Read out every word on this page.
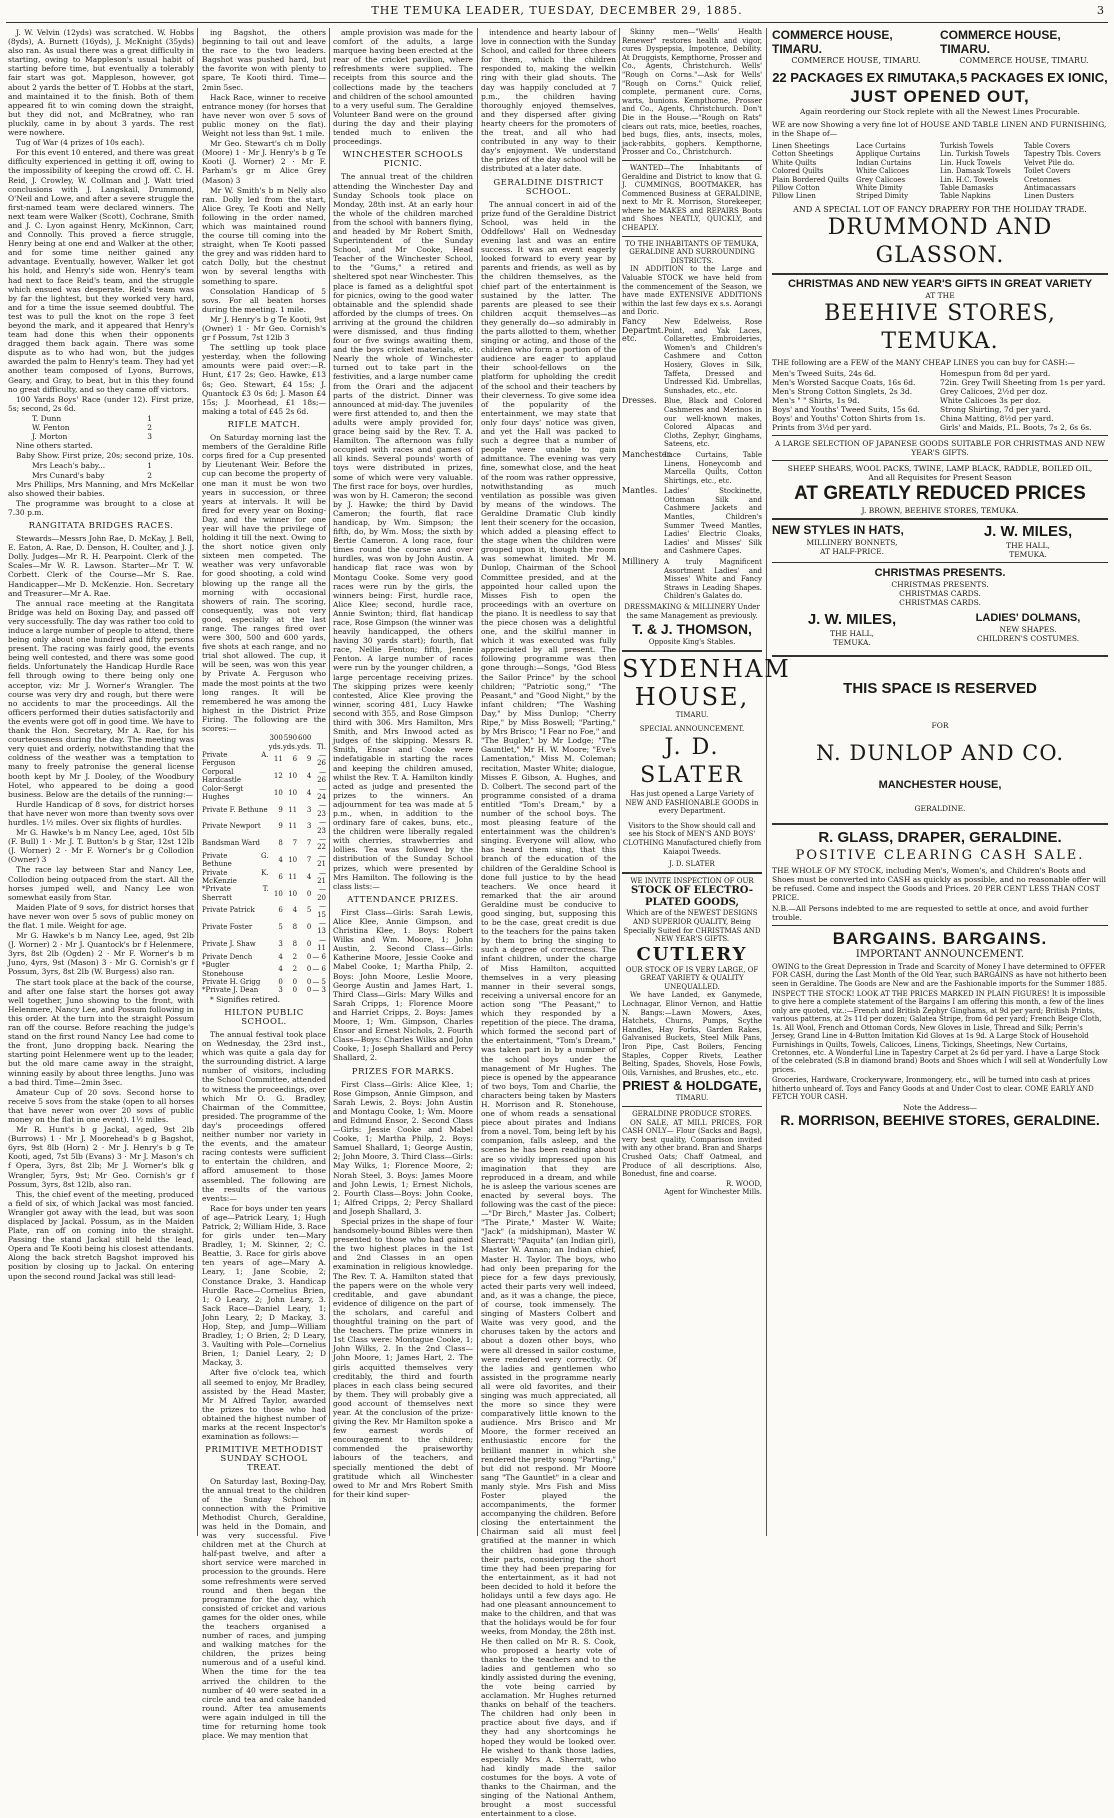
THE TEMUKA LEADER, TUESDAY, DECEMBER 29, 1885.	3

J. W. Velvin (12yds) was scratched. W. Hobbs (8yds), A. Burnett (16yds), J. McKnight (35yds) also ran. As usual there was a great difficulty in starting, owing to Mappleson's usual habit of starting before time, but eventually a tolerably fair start was got. Mappleson, however, got about 2 yards the better of T. Hobbs at the start, and maintained it to the finish. Both of them appeared fit to win coming down the straight, but they did not, and McBratney, who ran pluckily, came in by about 3 yards. The rest were nowhere.

Tug of War (4 prizes of 10s each).

For this event 10 entered, and there was great difficulty experienced in getting it off, owing to the impossibility of keeping the crowd off. C. H. Reid, J. Crowley, W. Collman and J. Watt tried conclusions with J. Langskail, Drummond, O'Neil and Lowe, and after a severe struggle the first-named team were declared winners. The next team were Walker (Scott), Cochrane, Smith and J. C. Lyon against Henry, McKinnon, Carr, and Connolly. This proved a fierce struggle, Henry being at one end and Walker at the other, and for some time neither gained any advantage. Eventually, however, Walker let got his hold, and Henry's side won. Henry's team had next to face Reid's team, and the struggle which ensued was desperate. Reid's team was by far the lightest, but they worked very hard, and for a time the issue seemed doubtful. The test was to pull the knot on the rope 3 feet beyond the mark, and it appeared that Henry's team had done this when their opponents dragged them back again. There was some dispute as to who had won, but the judges awarded the palm to Henry's team. They had yet another team composed of Lyons, Burrows, Geary, and Gray, to beat, but in this they found no great difficulty, and so they came off victors.

100 Yards Boys' Race (under 12). First prize, 5s; second, 2s 6d.

T. Dunn	1
W. Fenton	2
J. Morton	3

Nine others started.

Baby Show. First prize, 20s; second prize, 10s.

Mrs Leach's baby...	1
Mrs Cunard's baby	2

Mrs Phillips, Mrs Manning, and Mrs McKellar also showed their babies.

The programme was brought to a close at 7.30 p.m.

RANGITATA BRIDGES RACES.

Stewards—Messrs John Rae, D. McKay, J. Bell, E. Eaton, A. Rae, D. Denson, H. Coulter, and J. J. Dolly. Judges—Mr R. H. Pearpoint. Clerk of the Scales—Mr W. R. Lawson. Starter—Mr T. W. Corbett. Clerk of the Course—Mr S. Rae. Handicapper—Mr D. McKenzie. Hon. Secretary and Treasurer—Mr A. Rae.

The annual race meeting at the Rangitata Bridge was held on Boxing Day, and passed off very successfully. The day was rather too cold to induce a large number of people to attend, there being only about one hundred and fifty persons present. The racing was fairly good, the events being well contested, and there was some good fields. Unfortunately the Handicap Hurdle Race fell through owing to there being only one acceptor, viz: Mr J. Worner's Wrangler. The course was very dry and rough, but there were no accidents to mar the proceedings. All the officers performed their duties satisfactorily and the events were got off in good time. We have to thank the Hon. Secretary, Mr A. Rae, for his courteousness during the day. The meeting was very quiet and orderly, notwithstanding that the coldness of the weather was a temptation to many to freely patronise the general license booth kept by Mr J. Dooley, of the Woodbury Hotel, who appeared to be doing a good business. Below are the details of the running:—

Hurdle Handicap of 8 sovs, for district horses that have never won more than twenty sovs over hurdles. 1½ miles. Over six flights of hurdles.

Mr G. Hawke's b m Nancy Lee, aged, 10st 5lb (F. Bull) 1 · Mr J. T. Button's b g Star, 12st 12lb (J. Worner) 2 · Mr F. Worner's br g Collodion (Owner) 3

The race lay between Star and Nancy Lee, Collodion being outpaced from the start. All the horses jumped well, and Nancy Lee won somewhat easily from Star.

Maiden Plate of 9 sovs, for district horses that have never won over 5 sovs of public money on the flat. 1 mile. Weight for age.

Mr G. Hawke's b m Nancy Lee, aged, 9st 2lb (J. Worner) 2 · Mr J. Quantock's br f Helenmere, 3yrs, 8st 2lb (Ogden) 2 · Mr F. Worner's b m Juno, 4yrs, 9st (Mason) 3 · Mr G. Cornish's gr f Possum, 3yrs, 8st 2lb (W. Burgess) also ran.

The start took place at the back of the course, and after one false start the horses got away well together, Juno showing to the front, with Helenmere, Nancy Lee, and Possum following in this order. At the turn into the straight Possum ran off the course. Before reaching the judge's stand on the first round Nancy Lee had come to the front, Juno dropping back. Nearing the starting point Helenmere went up to the leader, but the old mare came away in the straight, winning easily by about three lengths. Juno was a bad third. Time—2min 3sec.

Amateur Cup of 20 sovs. Second horse to receive 5 sovs from the stake (open to all horses that have never won over 20 sovs of public money on the flat in one event). 1½ miles.

Mr R. Hunt's b g Jackal, aged, 9st 2lb (Burrows) 1 · Mr J. Moorehead's b g Bagshot, 6yrs, 9st 8lb (Horn) 2 · Mr J. Henry's b g Te Kooti, aged, 7st 5lb (Evans) 3 · Mr J. Mason's ch f Opera, 3yrs, 8st 2lb; Mr J. Worner's blk g Wrangler, 5yrs, 9st; Mr Geo. Cornish's gr f Possum, 3yrs, 8st 12lb, also ran.

This, the chief event of the meeting, produced a field of six, of which Jackal was most fancied. Wrangler got away with the lead, but was soon displaced by Jackal. Possum, as in the Maiden Plate, ran off on coming into the straight. Passing the stand Jackal still held the lead, Opera and Te Kooti being his closest attendants. Along the back stretch Bagshot improved his position by closing up to Jackal. On entering upon the second round Jackal was still lead-

ing Bagshot, the others beginning to tail out and leave the race to the two leaders. Bagshot was pushed hard, but the favorite won with plenty to spare, Te Kooti third. Time—2min 5sec.

Hack Race, winner to receive entrance money (for horses that have never won over 5 sovs of public money on the flat). Weight not less than 9st. 1 mile.

Mr Geo. Stewart's ch m Dolly (Moore) 1 · Mr J. Henry's b g Te Kooti (J. Worner) 2 · Mr F. Parham's gr m Alice Grey (Mason) 3

Mr W. Smith's b m Nelly also ran. Dolly led from the start, Alice Grey, Te Kooti and Nelly following in the order named, which was maintained round the course till coming into the straight, when Te Kooti passed the grey and was ridden hard to catch Dolly, but the chestnut won by several lengths with something to spare.

Consolation Handicap of 5 sovs. For all beaten horses during the meeting. 1 mile.

Mr J. Henry's b g Te Kooti, 9st (Owner) 1 · Mr Geo. Cornish's gr f Possum, 7st 12lb 3

The settling up took place yesterday, when the following amounts were paid over:—R. Hunt, £17 2s; Geo. Hawke, £13 6s; Geo. Stewart, £4 15s; J. Quantock £3 0s 6d; J. Mason £4 15s; J. Moorhead, £1 18s;—making a total of £45 2s 6d.

RIFLE MATCH.

On Saturday morning last the members of the Geraldine Rifle corps fired for a Cup presented by Lieutenant Weir. Before the cup can become the property of one man it must be won two years in succession, or three years at intervals. It will be fired for every year on Boxing-Day, and the winner for one year will have the privilege of holding it till the next. Owing to the short notice given only sixteen men competed. The weather was very unfavorable for good shooting, a cold wind blowing up the range all the morning with occasional showers of rain. The scoring, consequently, was not very good, especially at the last range. The ranges fired over were 300, 500 and 600 yards, five shots at each range, and no trial shot allowed. The cup, it will be seen, was won this year by Private A. Ferguson who made the most points at the two long ranges. It will be remembered he was among the highest in the District Prize Firing. The following are the scores:—

	300	590	600	
	yds.	yds.	yds.	Tl.
Private A. Ferguson	11	6	9	—26
Corporal Hardcastle	12	10	4	—26
Color-Sergt Hughes	10	10	4	—24
Private F. Bethune	9	11	3	—23
Private Newport	9	11	3	—23
Bandsman Ward	8	7	7	—22
Private G. Bethune	4	10	7	—21
Private K. McKenzie	6	11	4	—21
*Private T. Sherratt	10	10	0	—20
Private Patrick	6	4	5	—15
Private Foster	5	8	0	—13
Private J. Shaw	3	8	0	—11
Private Dench	4	2	0	— 6
*Bugler Stonehouse	4	2	0	— 6
Private H. Grigg	0	0	0	— 5
*Private J. Dean	3	0	0	— 3

* Signifies retired.

HILTON PUBLIC SCHOOL.

The annual festival took place on Wednesday, the 23rd inst., which was quite a gala day for the surrounding district. A large number of visitors, including the School Committee, attended to witness the proceedings, over which Mr O. G. Bradley, Chairman of the Committee, presided. The programme of the day's proceedings offered neither number nor variety in the events, and the amateur racing contests were sufficient to entertain the children, and afford amusement to those assembled. The following are the results of the various events:—

Race for boys under ten years of age—Patrick Leary, 1; Hugh Patrick, 2; William Hide, 3. Race for girls under ten—Mary Bradley, 1; M. Skinner, 2; C. Beattie, 3. Race for girls above ten years of age—Mary A. Leary, 1; Jane Scobie, 2; Constance Drake, 3. Handicap Hurdle Race—Cornelius Brien, 1; O Leary, 2; John Leary, 3. Sack Race—Daniel Leary, 1; John Leary, 2; D Mackay, 3. Hop, Step, and Jump—William Bradley, 1; O Brien, 2; D Leary, 3. Vaulting with Pole—Cornelius Brien, 1; Daniel Leary, 2; D Mackay, 3.

After five o'clock tea, which all seemed to enjoy, Mr Bradley, assisted by the Head Master, Mr M Alfred Taylor, awarded the prizes to those who had obtained the highest number of marks at the recent Inspector's examination as follows:—

PRIMITIVE METHODIST SUNDAY SCHOOL TREAT.

On Saturday last, Boxing-Day, the annual treat to the children of the Sunday School in connection with the Primitive Methodist Church, Geraldine, was held in the Domain, and was very successful. Five children met at the Church at half-past twelve, and after a short service were marched in procession to the grounds. Here some refreshments were served round and then began the programme for the day, which consisted of cricket and various games for the older ones, while the teachers organised a number of races, and jumping and walking matches for the children, the prizes being numerous and of a useful kind. When the time for the tea arrived the children to the number of 40 were seated in a circle and tea and cake handed round. After tea amusements were again indulged in till the time for returning home took place. We may mention that

ample provision was made for the comfort of the adults, a large marquee having been erected at the rear of the cricket pavilion, where refreshments were supplied. The receipts from this source and the collections made by the teachers and children of the school amounted to a very useful sum. The Geraldine Volunteer Band were on the ground during the day and their playing tended much to enliven the proceedings.

WINCHESTER SCHOOLS PICNIC.

The annual treat of the children attending the Winchester Day and Sunday Schools took place on Monday, 28th inst. At an early hour the whole of the children marched from the school with banners flying, and headed by Mr Robert Smith, Superintendent of the Sunday School, and Mr Cooke, Head Teacher of the Winchester School, to the "Gums," a retired and sheltered spot near Winchester. This place is famed as a delightful spot for picnics, owing to the good water obtainable and the splendid shade afforded by the clumps of trees. On arriving at the ground the children were dismissed, and thus finding four or five swings awaiting them, and the boys cricket materials, etc. Nearly the whole of Winchester turned out to take part in the festivities, and a large number came from the Orari and the adjacent parts of the district. Dinner was announced at mid-day. The juveniles were first attended to, and then the adults were amply provided for, grace being said by the Rev. T. A. Hamilton. The afternoon was fully occupied with races and games of all kinds. Several pounds' worth of toys were distributed in prizes, some of which were very valuable. The first race for boys, over hurdles, was won by H. Cameron; the second by J. Hawke; the third by David Cameron; the fourth, flat race handicap, by Wm. Simpson; the fifth, do, by Wm. Moss; the sixth by Bertie Cameron. A long race, four times round the course and over hurdles, was won by John Austin. A handicap flat race was won by Montagu Cooke. Some very good races were run by the girls, the winners being: First, hurdle race, Alice Klee; second, hurdle race, Annie Swinton; third, flat handicap race, Rose Gimpson (the winner was heavily handicapped, the others having 30 yards start); fourth, flat race, Nellie Fenton; fifth, Jennie Fenton. A large number of races were run by the younger children, a large percentage receiving prizes. The skipping prizes were keenly contested, Alice Klee proving the winner, scoring 481, Lucy Hawke second with 355, and Rose Gimpson third with 306. Mrs Hamilton, Mrs Smith, and Mrs Inwood acted as judges of the skipping. Messrs R. Smith, Ensor and Cooke were indefatigable in starting the races and keeping the children amused, whilst the Rev. T. A. Hamilton kindly acted as judge and presented the prizes to the winners. An adjournment for tea was made at 5 p.m., when, in addition to the ordinary fare of cakes, buns, etc., the children were liberally regaled with cherries, strawberries and lollies. Tea was followed by the distribution of the Sunday School prizes, which were presented by Mrs Hamilton. The following is the class lists:—

ATTENDANCE PRIZES.

First Class—Girls: Sarah Lewis, Alice Klee, Annie Gimpson, and Christina Klee, 1. Boys: Robert Wilks and Wm. Moore, 1; John Austin, 2. Second Class—Girls: Katherine Moore, Jessie Cooke and Mabel Cooke, 1; Martha Philp, 2. Boys: John Moore, Leslie Moore, George Austin and James Hart, 1. Third Class—Girls: Mary Wilks and Sarah Cripps, 1; Florence Moore and Harriet Cripps, 2. Boys: James Moore, 1; Wm. Gimpson, Charles Ensor and Ernest Nichols, 2. Fourth Class—Boys: Charles Wilks and John Cooke, 1; Joseph Shallard and Percy Shallard, 2.

PRIZES FOR MARKS.

First Class—Girls: Alice Klee, 1; Rose Gimpson, Annie Gimpson, and Sarah Lewis, 2. Boys: John Austin and Montagu Cooke, 1; Wm. Moore and Edmund Ensor, 2. Second Class—Girls: Jessie Cooke and Mabel Cooke, 1; Martha Philp, 2. Boys: Samuel Shallard, 1; George Austin, 2; John Moore, 3. Third Class—Girls: May Wilks, 1; Florence Moore, 2; Norah Steel, 3. Boys: James Moore and John Lewis, 1; Ernest Nichols, 2. Fourth Class—Boys: John Cooke, 1; Alfred Cripps, 2; Percy Shallard and Joseph Shallard, 3.

Special prizes in the shape of four handsomely-bound Bibles were then presented to those who had gained the two highest places in the 1st and 2nd Classes in an open examination in religious knowledge. The Rev. T. A. Hamilton stated that the papers were on the whole very creditable, and gave abundant evidence of diligence on the part of the scholars, and careful and thoughtful training on the part of the teachers. The prize winners in 1st Class were: Montague Cooke, 1; John Wilks, 2. In the 2nd Class—John Moore, 1; James Hart, 2. The girls acquitted themselves very creditably, the third and fourth places in each class being secured by them. They will probably give a good account of themselves next year. At the conclusion of the prize-giving the Rev. Mr Hamilton spoke a few earnest words of encouragement to the children; commended the praiseworthy labours of the teachers, and specially mentioned the debt of gratitude which all Winchester owed to Mr and Mrs Robert Smith for their kind super-

intendence and hearty labour of love in connection with the Sunday School, and called for three cheers for them, which the children responded to, making the welkin ring with their glad shouts. The day was happily concluded at 7 p.m., the children having thoroughly enjoyed themselves, and they dispersed after giving hearty cheers for the promoters of the treat, and all who had contributed in any way to their day's enjoyment. We understand the prizes of the day school will be distributed at a later date.

GERALDINE DISTRICT SCHOOL.

The annual concert in aid of the prize fund of the Geraldine District School, was held in the Oddfellows' Hall on Wednesday evening last and was an entire success. It was an event eagerly looked forward to every year by parents and friends, as well as by the children themselves, as the chief part of the entertainment is sustained by the latter. The parents are pleased to see their children acquit themselves—as they generally do—so admirably in the parts allotted to them, whether singing or acting, and those of the children who form a portion of the audience are eager to applaud their school-fellows on the platform for upholding the credit of the school and their teachers by their cleverness. To give some idea of the popularity of the entertainment, we may state that only four days' notice was given, and yet the Hall was packed to such a degree that a number of people were unable to gain admittance. The evening was very fine, somewhat close, and the heat of the room was rather oppressive, notwithstanding as much ventilation as possible was given by means of the windows. The Geraldine Dramatic Club kindly lent their scenery for the occasion, which added a pleasing effect to the stage when the children were grouped upon it, though the room was somewhat limited. Mr M. Dunlop, Chairman of the School Committee presided, and at the appointed hour called upon the Misses Fish to open the proceedings with an overture on the piano. It is needless to say that the piece chosen was a delightful one, and the skilful manner in which it was executed was fully appreciated by all present. The following programme was then gone through:—Songs, "God Bless the Sailor Prince" by the school children; "Patriotic song," "The Peasant," and "Good Night," by the infant children; "The Washing Day," by Miss Dunlop; "Cherry Ripe," by Miss Boswell; "Parting," by Mrs Brisco; "I Fear no Foe," and "The Bugler," by Mr Lodge; "The Gauntlet," Mr H. W. Moore; "Eve's Lamentation," Miss M. Coleman; recitation, Master White; dialogue, Misses F. Gibson, A. Hughes, and D. Colbert. The second part of the programme consisted of a drama entitled "Tom's Dream," by a number of the school boys. The most pleasing feature of the entertainment was the children's singing. Everyone will allow, who has heard them sing, that this branch of the education of the children of the Geraldine School is done full justice to by the head teachers. We once heard it remarked that the air around Geraldine must be conducive to good singing, but, supposing this to be the case, great credit is due to the teachers for the pains taken by them to bring the singing to such a degree of correctness. The infant children, under the charge of Miss Hamilton, acquitted themselves in a very pleasing manner in their several songs, receiving a universal encore for an action song "The Peasant," to which they responded by a repetition of the piece. The drama, which formed the second part of the entertainment, "Tom's Dream," was taken part in by a number of the school boys under the management of Mr Hughes. The piece is opened by the appearance of two boys, Tom and Charlie, the characters being taken by Masters H. Morrison and R. Stonehouse, one of whom reads a sensational piece about pirates and Indians from a novel. Tom, being left by his companion, falls asleep, and the scenes he has been reading about are so vividly impressed upon his imagination that they are reproduced in a dream, and while he is asleep the various scenes are enacted by several boys. The following was the cast of the piece:—"Dr Birch," Master Jas. Colbert; "The Pirate," Master W. Waite; "Jack" (a midshipman), Master W. Sherratt; "Paquita" (an Indian girl), Master W. Annan; an Indian chief, Master H. Taylor. The boys, who had only been preparing for the piece for a few days previously, acted their parts very well indeed, and, as it was a change, the piece, of course, took immensely. The singing of Masters Colbert and Waite was very good, and the choruses taken by the actors and about a dozen other boys, who were all dressed in sailor costume, were rendered very correctly. Of the ladies and gentlemen who assisted in the programme nearly all were old favorites, and their singing was much appreciated, all the more so since they were comparatively little known to the audience. Mrs Brisco and Mr Moore, the former received an enthusiastic encore for the brilliant manner in which she rendered the pretty song "Parting," but did not respond. Mr Moore sang "The Gauntlet" in a clear and manly style. Mrs Fish and Miss Foster played the accompaniments, the former accompanying the children. Before closing the entertainment the Chairman said all must feel gratified at the manner in which the children had gone through their parts, considering the short time they had been preparing for the entertainment, as it had not been decided to hold it before the holidays until a few days ago. He had one pleasant announcement to make to the children, and that was that the holidays would be for four weeks, from Monday, the 28th inst. He then called on Mr R. S. Cook, who proposed a hearty vote of thanks to the teachers and to the ladies and gentlemen who so kindly assisted during the evening, the vote being carried by acclamation. Mr Hughes returned thanks on behalf of the teachers. The children had only been in practice about five days, and if they had any shortcomings he hoped they would be looked over. He wished to thank those ladies, especially Mrs A. Sherratt, who had kindly made the sailor costumes for the boys. A vote of thanks to the Chairman, and the singing of the National Anthem, brought a most successful entertainment to a close.

Skinny men—"Wells' Health Renewer" restores health and vigor, cures Dyspepsia, Impotence, Debility. At Druggists, Kempthorne, Prosser and Co., Agents, Christchurch. Wells' "Rough on Corns."—Ask for Wells' "Rough on Corns." Quick relief, complete, permanent cure. Corns, warts, bunions. Kempthorne, Prosser and Co., Agents, Christchurch. Don't Die in the House.—"Rough on Rats" clears out rats, mice, beetles, roaches, bed bugs, flies, ants, insects, moles, jack-rabbits, gophers. Kempthorne, Prosser and Co., Christchurch.

WANTED—The Inhabitants of Geraldine and District to know that G. J. CUMMINGS, BOOTMAKER, has Commenced Business at GERALDINE, next to Mr R. Morrison, Storekeeper, where he MAKES and REPAIRS Boots and Shoes NEATLY, QUICKLY, and CHEAPLY.

TO THE INHABITANTS OF TEMUKA, GERALDINE AND SURROUNDING DISTRICTS.

IN ADDITION to the Large and Valuable STOCK we have held from the commencement of the Season, we have made EXTENSIVE ADDITIONS within the last few days ex s.s. Aorangi and Doric.

Fancy Departmt. etc.
New Edelweiss, Rose Point, and Yak Laces, Collarettes, Embroideries, Women's and Children's Cashmere and Cotton Hosiery, Gloves in Silk, Taffeta, Dressed and Undressed Kid. Umbrellas, Sunshades, etc., etc.
Dresses.	Blue, Black and Colored Cashmeres and Merinos in our well-known makes, Colored Alpacas and Cloths, Zephyr, Ginghams, Sateens, etc.
Manchester.
Lace Curtains, Table Linens, Honeycomb and Marcella Quilts, Cotton Shirtings, etc., etc.
Mantles. Ladies' Stockinette, Ottoman Silk and Cashmere Jackets and Mantles, Children's Summer Tweed Mantles, Ladies' Electric Cloaks, Ladies' and Misses' Silk and Cashmere Capes.
Millinery A truly Magnificent Assortment Ladies' and Misses' White and Fancy Straws in Leading Shapes. Children's Galates do.
DRESSMAKING & MILLINERY Under the same Management as previously.
T. & J. THOMSON,
Opposite King's Stables.
SYDENHAM HOUSE,
TIMARU.
SPECIAL ANNOUNCEMENT.
J. D. SLATER
Has just opened a Large Variety of NEW AND FASHIONABLE GOODS in every Department.
Visitors to the Show should call and see his Stock of MEN'S AND BOYS' CLOTHING Manufactured chiefly from Kaiapoi Tweeds.
J. D. SLATER
WE INVITE INSPECTION OF OUR
STOCK OF ELECTRO-PLATED GOODS,
Which are of the NEWEST DESIGNS AND SUPERIOR QUALITY, Being Specially Suited for CHRISTMAS AND NEW YEAR'S GIFTS.
CUTLERY
OUR STOCK OF IS VERY LARGE, OF GREAT VARIETY & QUALITY UNEQUALLED.

We have Landed, ex Ganymede, Lochnagar, Elinor Vernon, and Hattie N. Bangs:—Lawn Mowers, Axes, Hatchets, Churns, Pumps, Scythe Handles, Hay Forks, Garden Rakes, Galvanised Buckets, Steel Milk Pans, Iron Pipe, Cast Boilers, Fencing Staples, Copper Rivets, Leather Belting, Spades, Shovels, Hose Fowls, Oils, Varnishes, and Brushes, etc., etc.

PRIEST & HOLDGATE,
TIMARU.
GERALDINE PRODUCE STORES.

ON SALE, AT MILL PRICES, FOR CASH ONLY— Flour (Sacks and Bags), very best quality, Comparison invited with any other brand. Bran and Sharps Crushed Oats; Chaff Oatmeal, and Produce of all descriptions. Also, Bonedust, fine and coarse.

R. WOOD,
Agent for Winchester Mills.
COMMERCE HOUSE, TIMARU.
COMMERCE HOUSE, TIMARU.
COMMERCE HOUSE, TIMARU.	COMMERCE HOUSE, TIMARU.
22 PACKAGES EX RIMUTAKA, 5 PACKAGES EX IONIC,
JUST OPENED OUT,
Again reordering our Stock replete with all the Newest Lines Procurable.

WE are now Showing a very fine lot of HOUSE AND TABLE LINEN AND FURNISHING, in the Shape of—

Linen Sheetings	Lace Curtains	Turkish Towels	Table Covers
Cotton Sheetings	Applique Curtains	Lin. Turkish Towels	Tapestry Tbls. Covers
White Quilts	Indian Curtains	Lin. Huck Towels	Velvet Pile do.
Colored Quilts	White Calicoes	Lin. Damask Towels	Toilet Covers
Plain Bordered Quilts	Grey Calicoes	Lin. H.C. Towels	Cretonnes
Pillow Cotton	White Dimity	Table Damasks	Antimacassars
Pillow Linen	Striped Dimity	Table Napkins	Linen Dusters
AND A SPECIAL LOT OF FANCY DRAPERY FOR THE HOLIDAY TRADE.
DRUMMOND AND GLASSON.
CHRISTMAS AND NEW YEAR'S GIFTS IN GREAT VARIETY
AT THE
BEEHIVE STORES, TEMUKA.

THE following are a FEW of the MANY CHEAP LINES you can buy for CASH:—

Men's Tweed Suits, 24s 6d.
Men's Worsted Sacque Coats, 16s 6d.
Men's Strong Cotton Singlets, 2s 3d.
Men's " " Shirts, 1s 9d.
Boys' and Youths' Tweed Suits, 15s 6d.
Boys' and Youths' Cotton Shirts from 1s.
Prints from 3½d per yard.
Homespun from 8d per yard.
72in. Grey Twill Sheeting from 1s per yard.
Grey Calicoes, 2½d per doz.
White Calicoes 3s per doz.
Strong Shirting, 7d per yard.
China Matting, 8½d per yard.
Girls' and Maids, P.L. Boots, 7s 2, 6s 6s.
A LARGE SELECTION OF JAPANESE GOODS SUITABLE FOR CHRISTMAS AND NEW YEAR'S GIFTS.
SHEEP SHEARS, WOOL PACKS, TWINE, LAMP BLACK, RADDLE, BOILED OIL,
And all Requisites for Present Season
AT GREATLY REDUCED PRICES
J. BROWN, BEEHIVE STORES, TEMUKA.
NEW STYLES IN HATS,
MILLINERY BONNETS,
AT HALF-PRICE.
J. W. MILES,
THE HALL,
TEMUKA.
CHRISTMAS PRESENTS.
CHRISTMAS PRESENTS.
CHRISTMAS CARDS.
CHRISTMAS CARDS.
J. W. MILES,
THE HALL,
TEMUKA.
LADIES' DOLMANS,
NEW SHAPES.
CHILDREN'S COSTUMES.
THIS SPACE IS RESERVED
FOR
N. DUNLOP AND CO.
MANCHESTER HOUSE,
GERALDINE.
R. GLASS, DRAPER, GERALDINE.
POSITIVE CLEARING CASH SALE.

THE WHOLE OF MY STOCK, including Men's, Women's, and Children's Boots and Shoes must be converted into CASH as quickly as possible, and no reasonable offer will be refused. Come and inspect the Goods and Prices. 20 PER CENT LESS THAN COST PRICE.

N.B.—All Persons indebted to me are requested to settle at once, and avoid further trouble.

BARGAINS. BARGAINS.
IMPORTANT ANNOUNCEMENT.

OWING to the Great Depression in Trade and Scarcity of Money I have determined to OFFER FOR CASH, during the Last Month of the Old Year, such BARGAINS as have not hitherto been seen in Geraldine. The Goods are New and are the Fashionable imports for the Summer 1885.

INSPECT THE STOCK! LOOK AT THE PRICES MARKED IN PLAIN FIGURES! It is impossible to give here a complete statement of the Bargains I am offering this month, a few of the lines only are quoted, viz.:—French and British Zephyr Ginghams, at 9d per yard; British Prints, various patterns, at 2s 11d per dozen; Galatea Stripe, from 6d per yard; French Beige Cloth, 1s. All Wool, French and Ottoman Cords, New Gloves in Lisle, Thread and Silk; Perrin's Jersey, Grand Line in 4-Button Imitation Kid Gloves at 1s 9d. A Large Stock of Household Furnishings in Quilts, Towels, Calicoes, Linens, Tickings, Sheetings, New Curtains, Cretonnes, etc. A Wonderful Line in Tapestry Carpet at 2s 6d per yard. I have a Large Stock of the celebrated (S.B in diamond brand) Boots and Shoes which I will sell at Wonderfully Low prices.

Groceries, Hardware, Crockeryware, Ironmongery, etc., will be turned into cash at prices hitherto unheard of. Toys and Fancy Goods at and Under Cost to clear. COME EARLY AND FETCH YOUR CASH.

Note the Address—
R. MORRISON, BEEHIVE STORES, GERALDINE.
